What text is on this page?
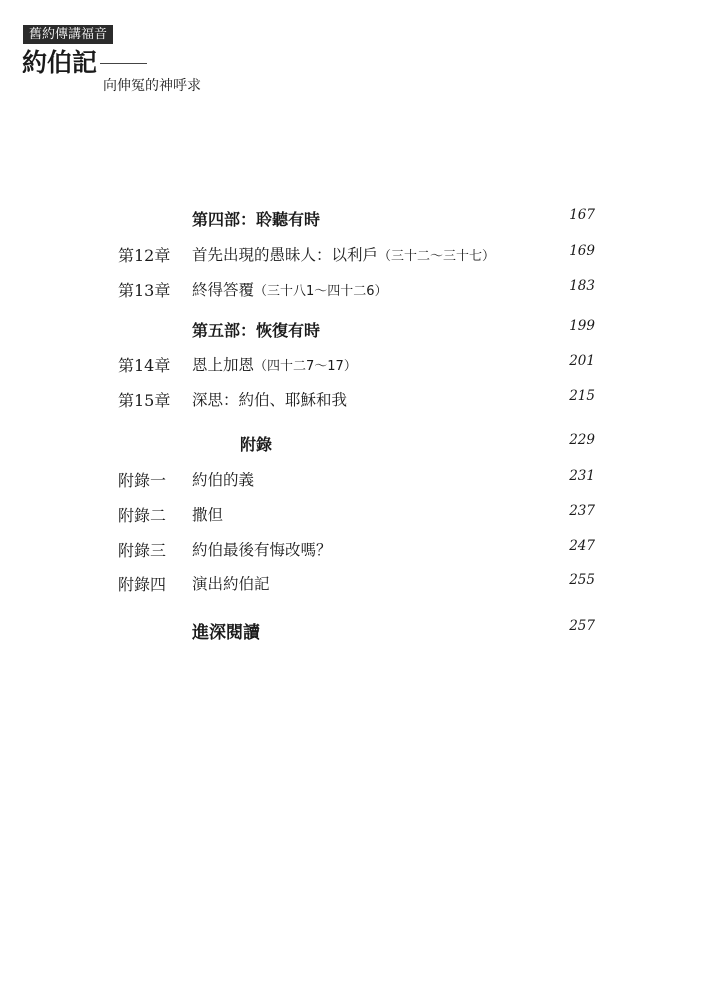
舊約傳講福音
約伯記
向伸冤的神呼求
第四部：聆聽有時	167
第12章 首先出現的愚昧人：以利戶（三十二～三十七）	169
第13章 終得答覆（三十八1～四十二6）	183
第五部：恢復有時	199
第14章 恩上加恩（四十二7～17）	201
第15章 深思：約伯、耶穌和我	215
附錄	229
附錄一 約伯的義	231
附錄二 撒但	237
附錄三 約伯最後有悔改嗎？	247
附錄四 演出約伯記	255
進深閱讀	257
